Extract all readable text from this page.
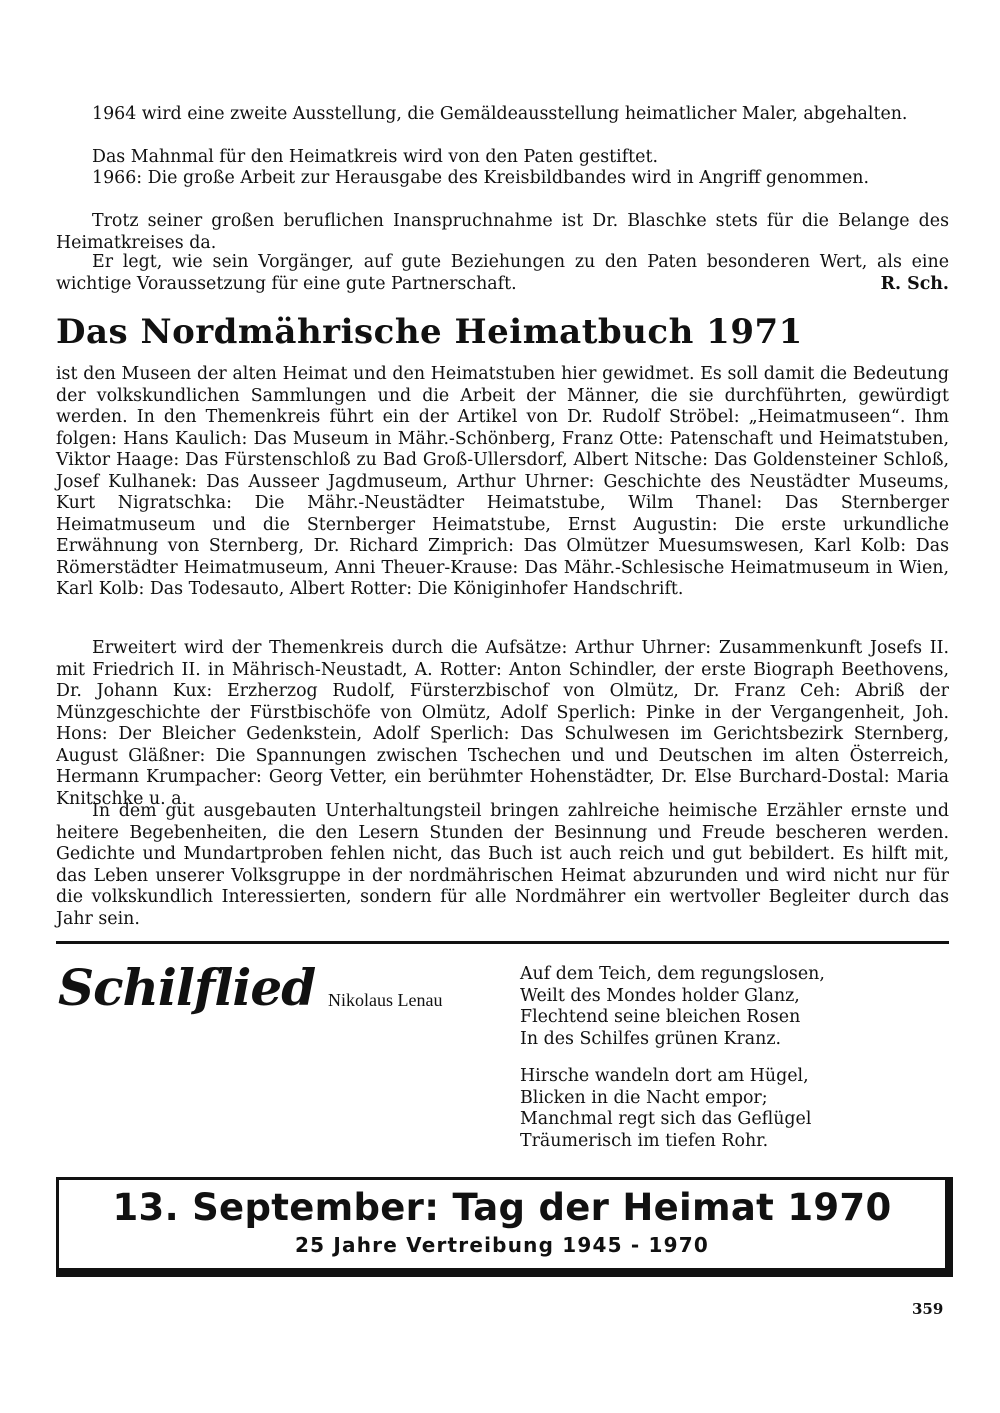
1964 wird eine zweite Ausstellung, die Gemäldeausstellung heimatlicher Maler, abgehalten.

Das Mahnmal für den Heimatkreis wird von den Paten gestiftet.

1966: Die große Arbeit zur Herausgabe des Kreisbildbandes wird in Angriff genommen.

Trotz seiner großen beruflichen Inanspruchnahme ist Dr. Blaschke stets für die Belange des Heimatkreises da.

Er legt, wie sein Vorgänger, auf gute Beziehungen zu den Paten besonderen Wert, als eine wichtige Voraussetzung für eine gute Partnerschaft.	R. Sch.

Das Nordmährische Heimatbuch 1971

ist den Museen der alten Heimat und den Heimatstuben hier gewidmet. Es soll damit die Bedeutung der volkskundlichen Sammlungen und die Arbeit der Männer, die sie durchführten, gewürdigt werden. In den Themenkreis führt ein der Artikel von Dr. Rudolf Ströbel: „Heimatmuseen“. Ihm folgen: Hans Kaulich: Das Museum in Mähr.-Schönberg, Franz Otte: Patenschaft und Heimatstuben, Viktor Haage: Das Fürstenschloß zu Bad Groß-Ullersdorf, Albert Nitsche: Das Goldensteiner Schloß, Josef Kulhanek: Das Ausseer Jagdmuseum, Arthur Uhrner: Geschichte des Neustädter Museums, Kurt Nigratschka: Die Mähr.-Neustädter Heimatstube, Wilm Thanel: Das Sternberger Heimatmuseum und die Sternberger Heimatstube, Ernst Augustin: Die erste urkundliche Erwähnung von Sternberg, Dr. Richard Zimprich: Das Olmützer Muesumswesen, Karl Kolb: Das Römerstädter Heimatmuseum, Anni Theuer-Krause: Das Mähr.-Schlesische Heimatmuseum in Wien, Karl Kolb: Das Todesauto, Albert Rotter: Die Königinhofer Handschrift.

Erweitert wird der Themenkreis durch die Aufsätze: Arthur Uhrner: Zusammenkunft Josefs II. mit Friedrich II. in Mährisch-Neustadt, A. Rotter: Anton Schindler, der erste Biograph Beethovens, Dr. Johann Kux: Erzherzog Rudolf, Fürsterzbischof von Olmütz, Dr. Franz Ceh: Abriß der Münzgeschichte der Fürstbischöfe von Olmütz, Adolf Sperlich: Pinke in der Vergangenheit, Joh. Hons: Der Bleicher Gedenkstein, Adolf Sperlich: Das Schulwesen im Gerichtsbezirk Sternberg, August Gläßner: Die Spannungen zwischen Tschechen und und Deutschen im alten Österreich, Hermann Krumpacher: Georg Vetter, ein berühmter Hohenstädter, Dr. Else Burchard-Dostal: Maria Knitschke u. a.

In dem gut ausgebauten Unterhaltungsteil bringen zahlreiche heimische Erzähler ernste und heitere Begebenheiten, die den Lesern Stunden der Besinnung und Freude bescheren werden. Gedichte und Mundartproben fehlen nicht, das Buch ist auch reich und gut bebildert. Es hilft mit, das Leben unserer Volksgruppe in der nordmährischen Heimat abzurunden und wird nicht nur für die volkskundlich Interessierten, sondern für alle Nordmährer ein wertvoller Begleiter durch das Jahr sein.

Schilflied Nikolaus Lenau
Auf dem Teich, dem regungslosen,
Weilt des Mondes holder Glanz,
Flechtend seine bleichen Rosen
In des Schilfes grünen Kranz.
Hirsche wandeln dort am Hügel,
Blicken in die Nacht empor;
Manchmal regt sich das Geflügel
Träumerisch im tiefen Rohr.
13. September: Tag der Heimat 1970
25 Jahre Vertreibung 1945 - 1970
359
